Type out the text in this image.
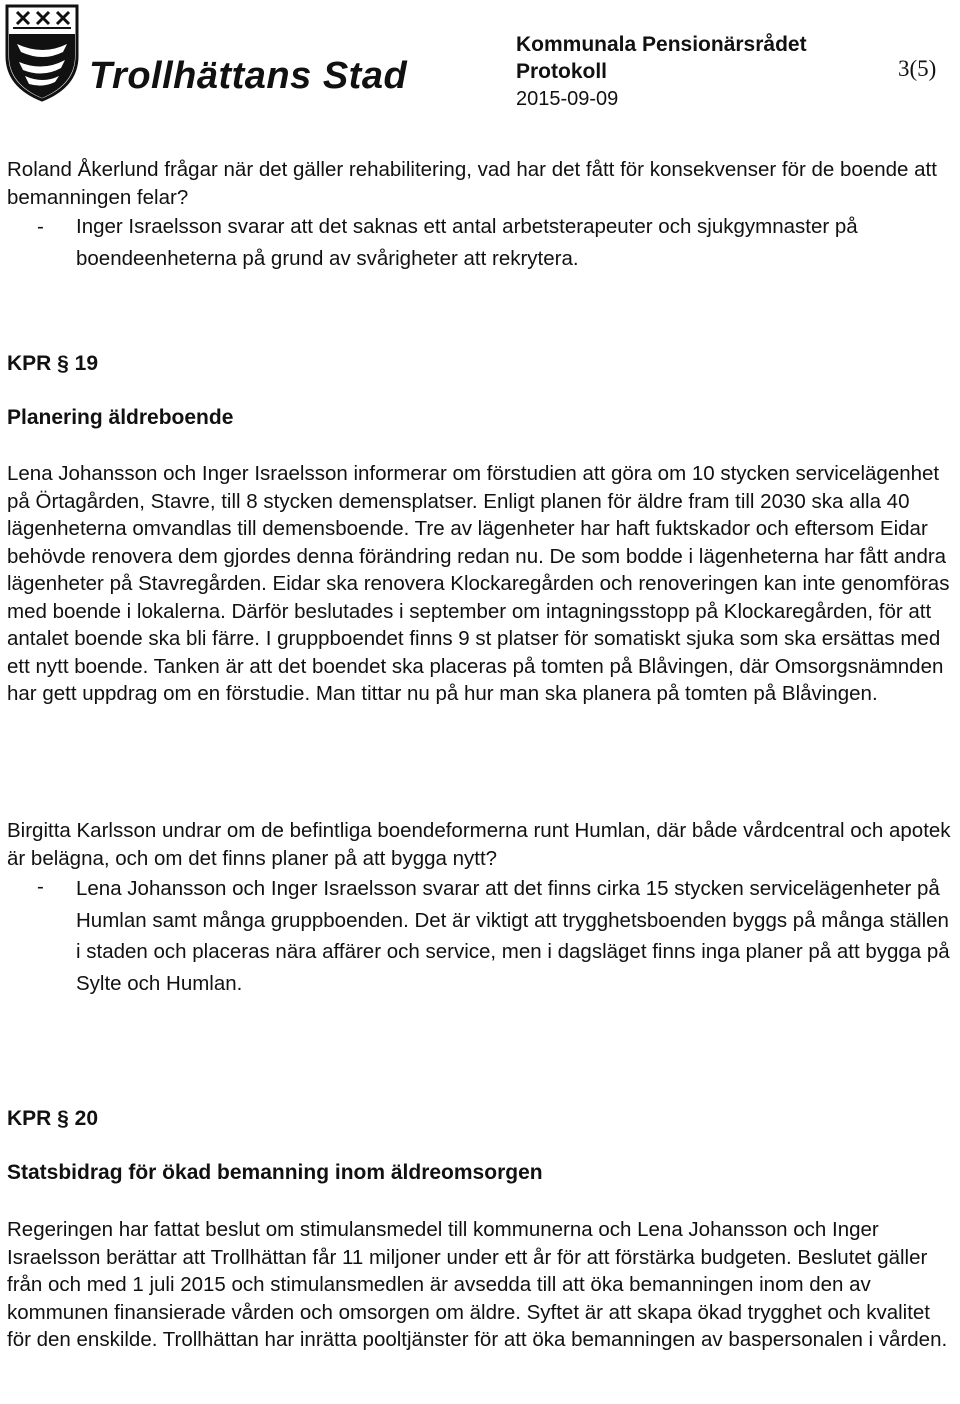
Trollhättans Stad
Kommunala Pensionärsrådet
Protokoll
2015-09-09
3(5)

Roland Åkerlund frågar när det gäller rehabilitering, vad har det fått för konsekvenser för de boende att bemanningen felar?

- Inger Israelsson svarar att det saknas ett antal arbetsterapeuter och sjukgymnaster på boendeenheterna på grund av svårigheter att rekrytera.
KPR § 19
Planering äldreboende

Lena Johansson och Inger Israelsson informerar om förstudien att göra om 10 stycken servicelägenhet på Örtagården, Stavre, till 8 stycken demensplatser. Enligt planen för äldre fram till 2030 ska alla 40 lägenheterna omvandlas till demensboende. Tre av lägenheter har haft fuktskador och eftersom Eidar behövde renovera dem gjordes denna förändring redan nu. De som bodde i lägenheterna har fått andra lägenheter på Stavregården. Eidar ska renovera Klockaregården och renoveringen kan inte genomföras med boende i lokalerna. Därför beslutades i september om intagningsstopp på Klockaregården, för att antalet boende ska bli färre. I gruppboendet finns 9 st platser för somatiskt sjuka som ska ersättas med ett nytt boende. Tanken är att det boendet ska placeras på tomten på Blåvingen, där Omsorgsnämnden har gett uppdrag om en förstudie. Man tittar nu på hur man ska planera på tomten på Blåvingen.

Birgitta Karlsson undrar om de befintliga boendeformerna runt Humlan, där både vårdcentral och apotek är belägna, och om det finns planer på att bygga nytt?

- Lena Johansson och Inger Israelsson svarar att det finns cirka 15 stycken servicelägenheter på Humlan samt många gruppboenden. Det är viktigt att trygghetsboenden byggs på många ställen i staden och placeras nära affärer och service, men i dagsläget finns inga planer på att bygga på Sylte och Humlan.
KPR § 20
Statsbidrag för ökad bemanning inom äldreomsorgen

Regeringen har fattat beslut om stimulansmedel till kommunerna och Lena Johansson och Inger Israelsson berättar att Trollhättan får 11 miljoner under ett år för att förstärka budgeten. Beslutet gäller från och med 1 juli 2015 och stimulansmedlen är avsedda till att öka bemanningen inom den av kommunen finansierade vården och omsorgen om äldre. Syftet är att skapa ökad trygghet och kvalitet för den enskilde. Trollhättan har inrätta pooltjänster för att öka bemanningen av baspersonalen i vården.
